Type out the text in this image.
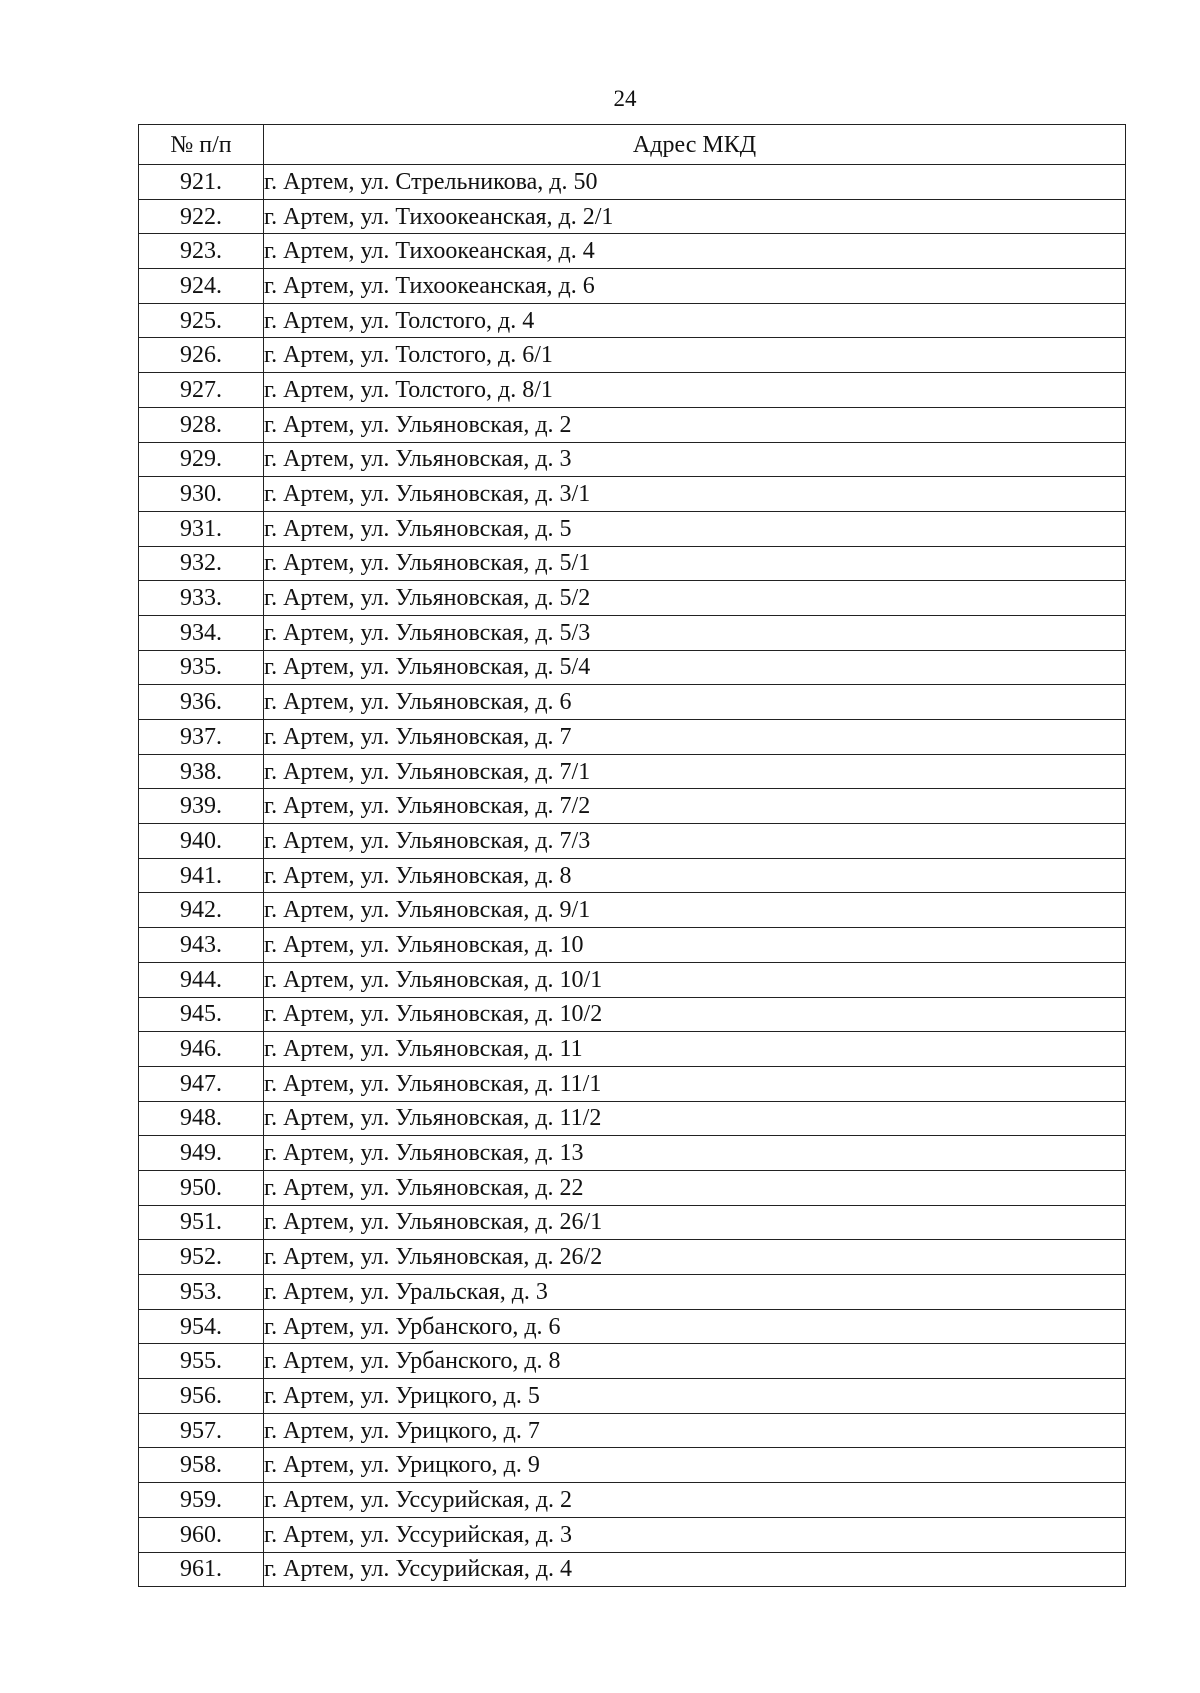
24
№ п/п	Адрес МКД
921.	г. Артем, ул. Стрельникова, д. 50
922.	г. Артем, ул. Тихоокеанская, д. 2/1
923.	г. Артем, ул. Тихоокеанская, д. 4
924.	г. Артем, ул. Тихоокеанская, д. 6
925.	г. Артем, ул. Толстого, д. 4
926.	г. Артем, ул. Толстого, д. 6/1
927.	г. Артем, ул. Толстого, д. 8/1
928.	г. Артем, ул. Ульяновская, д. 2
929.	г. Артем, ул. Ульяновская, д. 3
930.	г. Артем, ул. Ульяновская, д. 3/1
931.	г. Артем, ул. Ульяновская, д. 5
932.	г. Артем, ул. Ульяновская, д. 5/1
933.	г. Артем, ул. Ульяновская, д. 5/2
934.	г. Артем, ул. Ульяновская, д. 5/3
935.	г. Артем, ул. Ульяновская, д. 5/4
936.	г. Артем, ул. Ульяновская, д. 6
937.	г. Артем, ул. Ульяновская, д. 7
938.	г. Артем, ул. Ульяновская, д. 7/1
939.	г. Артем, ул. Ульяновская, д. 7/2
940.	г. Артем, ул. Ульяновская, д. 7/3
941.	г. Артем, ул. Ульяновская, д. 8
942.	г. Артем, ул. Ульяновская, д. 9/1
943.	г. Артем, ул. Ульяновская, д. 10
944.	г. Артем, ул. Ульяновская, д. 10/1
945.	г. Артем, ул. Ульяновская, д. 10/2
946.	г. Артем, ул. Ульяновская, д. 11
947.	г. Артем, ул. Ульяновская, д. 11/1
948.	г. Артем, ул. Ульяновская, д. 11/2
949.	г. Артем, ул. Ульяновская, д. 13
950.	г. Артем, ул. Ульяновская, д. 22
951.	г. Артем, ул. Ульяновская, д. 26/1
952.	г. Артем, ул. Ульяновская, д. 26/2
953.	г. Артем, ул. Уральская, д. 3
954.	г. Артем, ул. Урбанского, д. 6
955.	г. Артем, ул. Урбанского, д. 8
956.	г. Артем, ул. Урицкого, д. 5
957.	г. Артем, ул. Урицкого, д. 7
958.	г. Артем, ул. Урицкого, д. 9
959.	г. Артем, ул. Уссурийская, д. 2
960.	г. Артем, ул. Уссурийская, д. 3
961.	г. Артем, ул. Уссурийская, д. 4
